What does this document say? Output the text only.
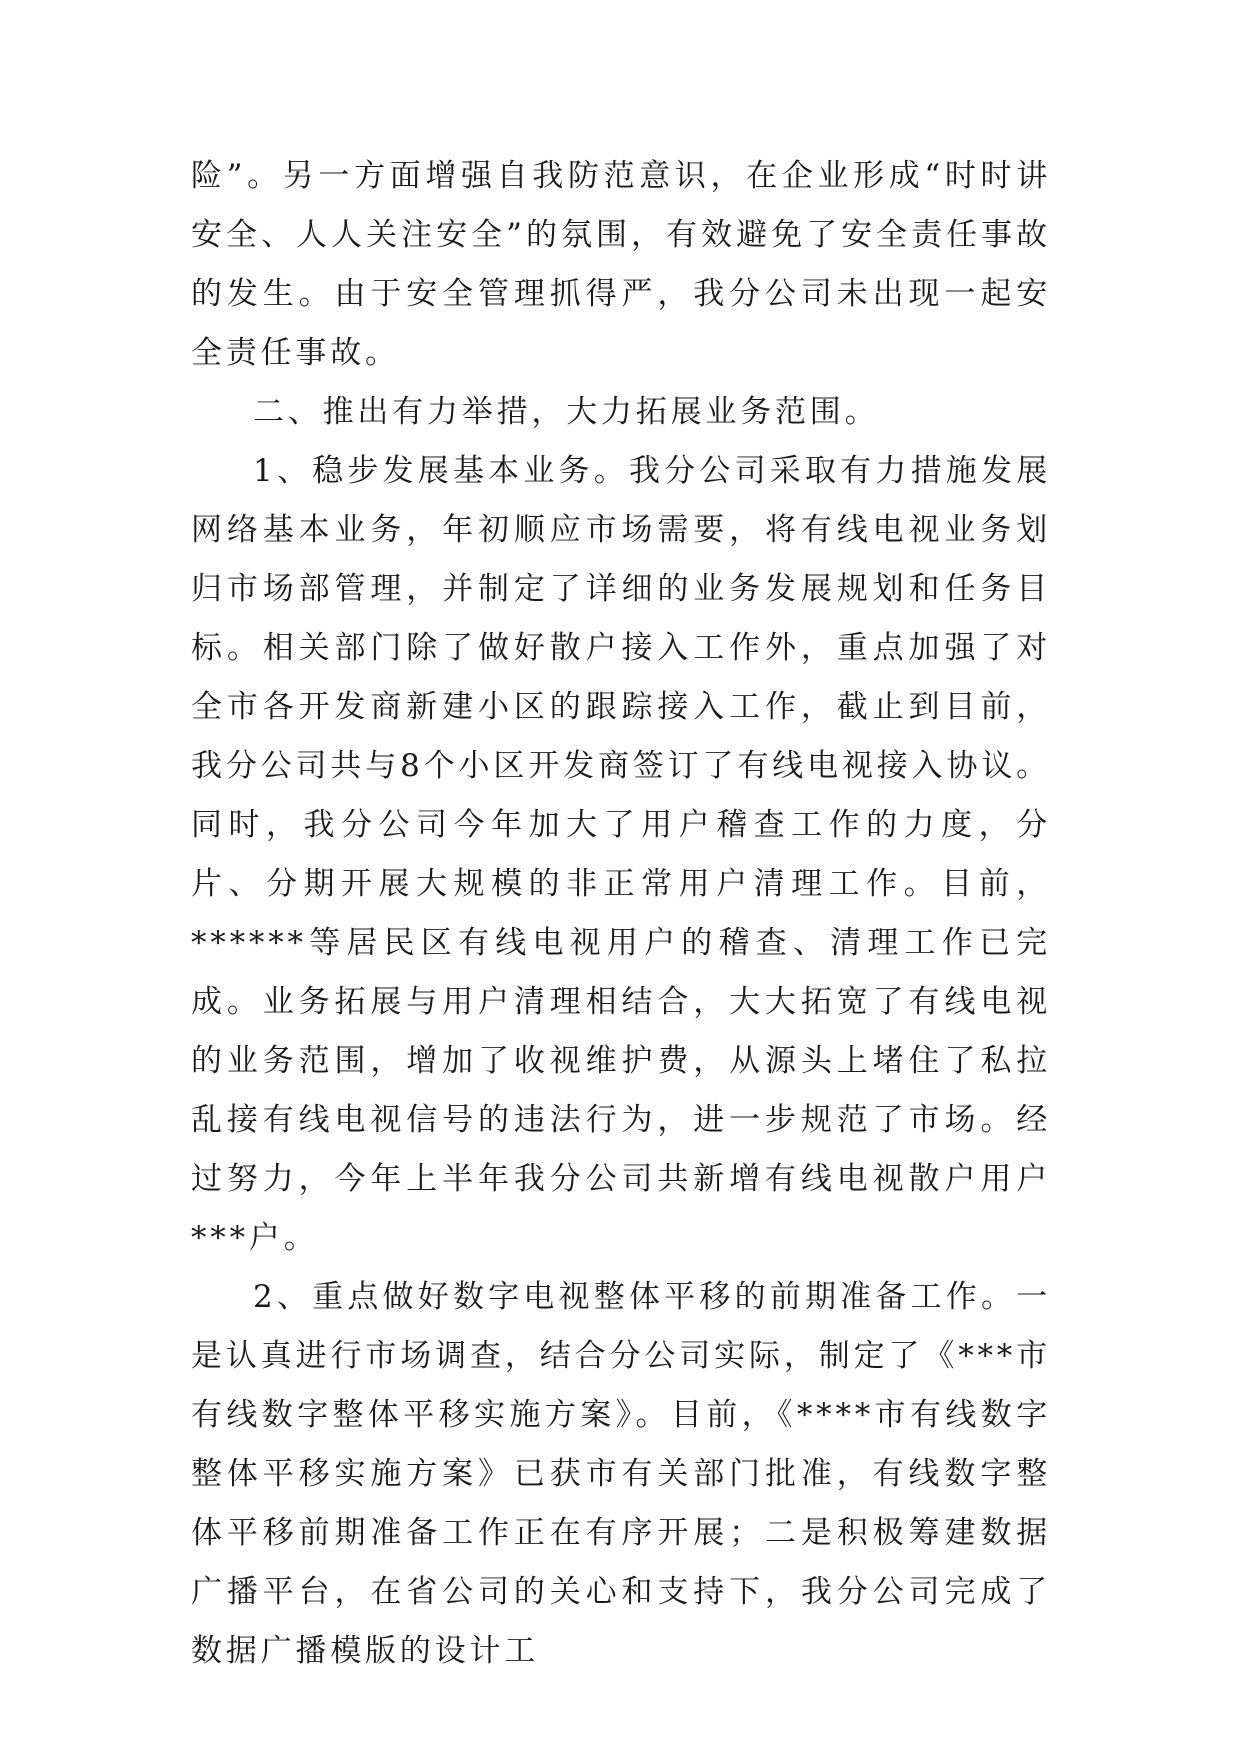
险”。另一方面增强自我防范意识，在企业形成“时时讲安全、人人关注安全”的氛围，有效避免了安全责任事故的发生。由于安全管理抓得严，我分公司未出现一起安全责任事故。

二、推出有力举措，大力拓展业务范围。

1、稳步发展基本业务。我分公司采取有力措施发展网络基本业务，年初顺应市场需要，将有线电视业务划归市场部管理，并制定了详细的业务发展规划和任务目标。相关部门除了做好散户接入工作外，重点加强了对全市各开发商新建小区的跟踪接入工作，截止到目前，我分公司共与8个小区开发商签订了有线电视接入协议。同时，我分公司今年加大了用户稽查工作的力度，分片、分期开展大规模的非正常用户清理工作。目前，******等居民区有线电视用户的稽查、清理工作已完成。业务拓展与用户清理相结合，大大拓宽了有线电视的业务范围，增加了收视维护费，从源头上堵住了私拉乱接有线电视信号的违法行为，进一步规范了市场。经过努力，今年上半年我分公司共新增有线电视散户用户***户。

2、重点做好数字电视整体平移的前期准备工作。一是认真进行市场调查，结合分公司实际，制定了《***市有线数字整体平移实施方案》。目前，《****市有线数字整体平移实施方案》已获市有关部门批准，有线数字整体平移前期准备工作正在有序开展；二是积极筹建数据广播平台，在省公司的关心和支持下，我分公司完成了数据广播模版的设计工
